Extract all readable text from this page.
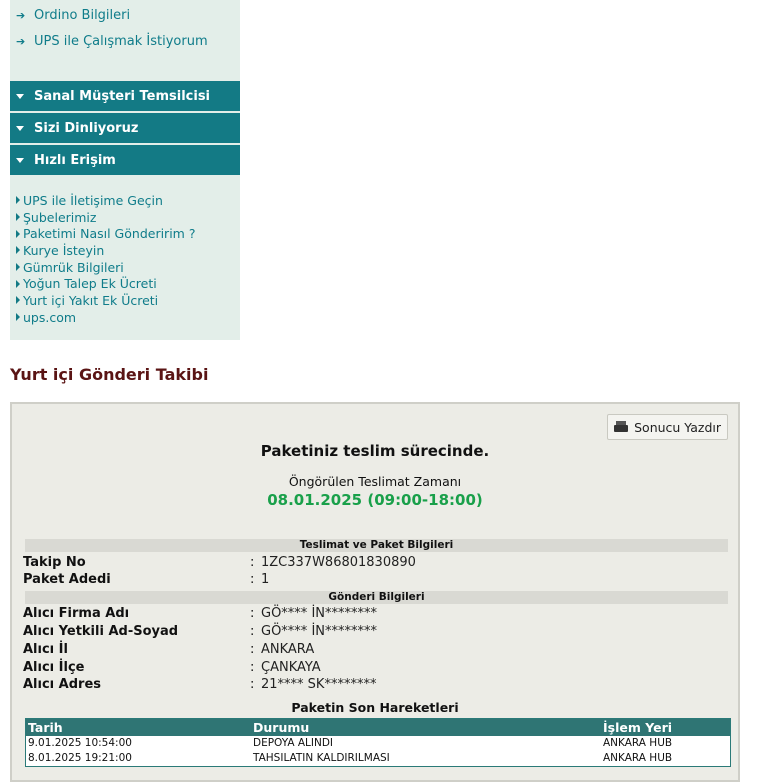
➔ Ordino Bilgileri
➔ UPS ile Çalışmak İstiyorum
Sanal Müşteri Temsilcisi
Sizi Dinliyoruz
Hızlı Erişim
UPS ile İletişime Geçin
Şubelerimiz
Paketimi Nasıl Gönderirim ?
Kurye İsteyin
Gümrük Bilgileri
Yoğun Talep Ek Ücreti
Yurt içi Yakıt Ek Ücreti
ups.com
Yurt içi Gönderi Takibi
Sonucu Yazdır
Paketiniz teslim sürecinde.
Öngörülen Teslimat Zamanı
08.01.2025 (09:00-18:00)
Teslimat ve Paket Bilgileri
Takip No	: 1ZC337W86801830890
Paket Adedi	: 1
Gönderi Bilgileri
Alıcı Firma Adı	: GÖ**** İN********
Alıcı Yetkili Ad-Soyad	: GÖ**** İN********
Alıcı İl	: ANKARA
Alıcı İlçe	: ÇANKAYA
Alıcı Adres	: 21**** SK********
Paketin Son Hareketleri
Tarih	Durumu	İşlem Yeri
9.01.2025 10:54:00	DEPOYA ALINDI	ANKARA HUB
8.01.2025 19:21:00	TAHSILATIN KALDIRILMASI	ANKARA HUB
